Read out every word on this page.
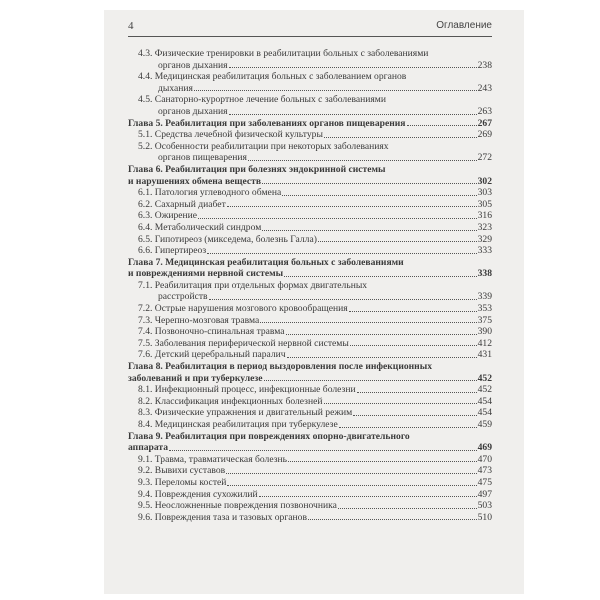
4	Оглавление
4.3. Физические тренировки в реабилитации больных с заболеваниями
органов дыхания	238
4.4. Медицинская реабилитация больных с заболеванием органов
дыхания	243
4.5. Санаторно-курортное лечение больных с заболеваниями
органов дыхания	263
Глава 5. Реабилитация при заболеваниях органов пищеварения	267
5.1. Средства лечебной физической культуры	269
5.2. Особенности реабилитации при некоторых заболеваниях
органов пищеварения	272
Глава 6. Реабилитация при болезнях эндокринной системы
и нарушениях обмена веществ	302
6.1. Патология углеводного обмена	303
6.2. Сахарный диабет	305
6.3. Ожирение	316
6.4. Метаболический синдром	323
6.5. Гипотиреоз (микседема, болезнь Галла)	329
6.6. Гипертиреоз	333
Глава 7. Медицинская реабилитация больных с заболеваниями
и повреждениями нервной системы	338
7.1. Реабилитация при отдельных формах двигательных
расстройств	339
7.2. Острые нарушения мозгового кровообращения	353
7.3. Черепно-мозговая травма	375
7.4. Позвоночно-спинальная травма	390
7.5. Заболевания периферической нервной системы	412
7.6. Детский церебральный паралич	431
Глава 8. Реабилитация в период выздоровления после инфекционных
заболеваний и при туберкулезе	452
8.1. Инфекционный процесс, инфекционные болезни	452
8.2. Классификация инфекционных болезней	454
8.3. Физические упражнения и двигательный режим	454
8.4. Медицинская реабилитация при туберкулезе	459
Глава 9. Реабилитация при повреждениях опорно-двигательного
аппарата	469
9.1. Травма, травматическая болезнь	470
9.2. Вывихи суставов	473
9.3. Переломы костей	475
9.4. Повреждения сухожилий	497
9.5. Неосложненные повреждения позвоночника	503
9.6. Повреждения таза и тазовых органов	510
